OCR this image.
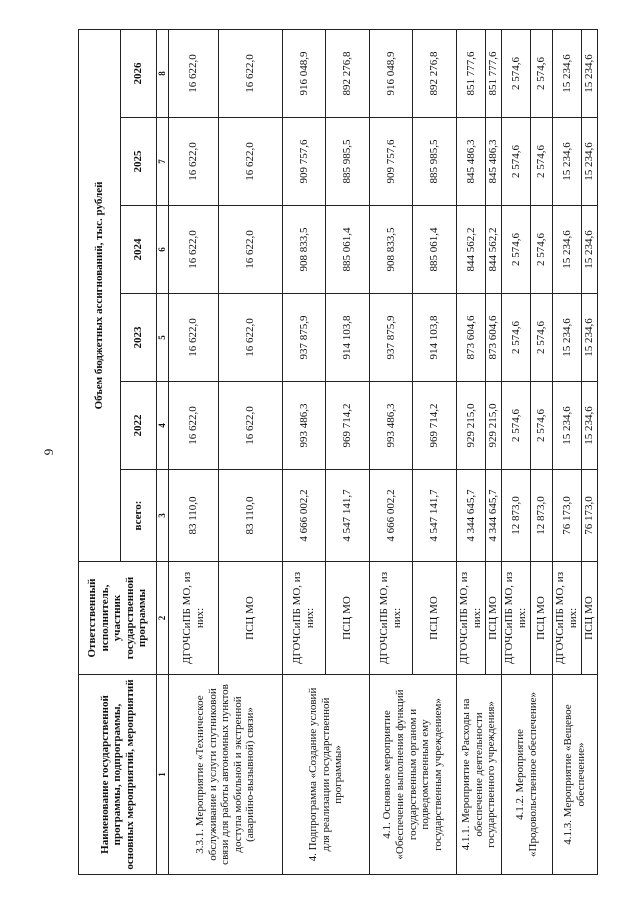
9
Наименование государственной программы, подпрограммы, основных мероприятий, мероприятий	Ответственный исполнитель, участник государственной программы	Объем бюджетных ассигнований, тыс. рублей					
		всего:	2022	2023	2024	2025	2026
1	2	3	4	5	6	7	8
3.3.1. Мероприятие «Техническое обслуживание и услуги спутниковой связи для работы автономных пунктов доступа мобильной и экстренной (аварийно-вызывной) связи»	ДГОЧСиПБ МО, из них:	83 110,0	16 622,0	16 622,0	16 622,0	16 622,0	16 622,0
	ПСЦ МО	83 110,0	16 622,0	16 622,0	16 622,0	16 622,0	16 622,0
4. Подпрограмма «Создание условий для реализации государственной программы»	ДГОЧСиПБ МО, из них:	4 666 002,2	993 486,3	937 875,9	908 833,5	909 757,6	916 048,9
	ПСЦ МО	4 547 141,7	969 714,2	914 103,8	885 061,4	885 985,5	892 276,8
4.1. Основное мероприятие «Обеспечение выполнения функций государственным органом и подведомственным ему государственным учреждением»	ДГОЧСиПБ МО, из них:	4 666 002,2	993 486,3	937 875,9	908 833,5	909 757,6	916 048,9
	ПСЦ МО	4 547 141,7	969 714,2	914 103,8	885 061,4	885 985,5	892 276,8
4.1.1. Мероприятие «Расходы на обеспечение деятельности государственного учреждения»	ДГОЧСиПБ МО, из них:	4 344 645,7	929 215,0	873 604,6	844 562,2	845 486,3	851 777,6
	ПСЦ МО	4 344 645,7	929 215,0	873 604,6	844 562,2	845 486,3	851 777,6
4.1.2. Мероприятие «Продовольственное обеспечение»	ДГОЧСиПБ МО, из них:	12 873,0	2 574,6	2 574,6	2 574,6	2 574,6	2 574,6
	ПСЦ МО	12 873,0	2 574,6	2 574,6	2 574,6	2 574,6	2 574,6
4.1.3. Мероприятие «Вещевое обеспечение»	ДГОЧСиПБ МО, из них:	76 173,0	15 234,6	15 234,6	15 234,6	15 234,6	15 234,6
	ПСЦ МО	76 173,0	15 234,6	15 234,6	15 234,6	15 234,6	15 234,6
